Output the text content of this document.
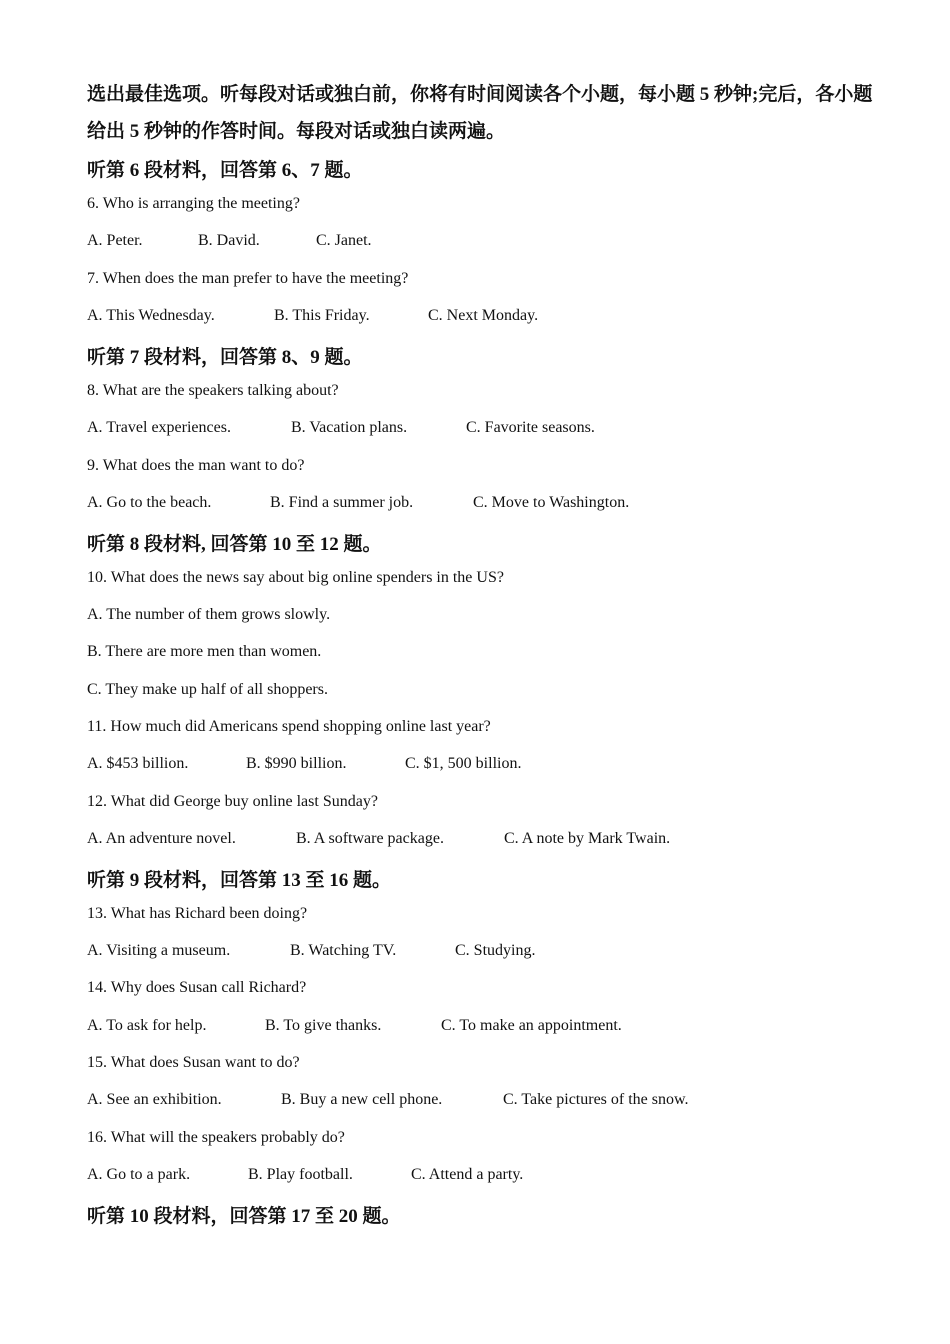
选出最佳选项。听每段对话或独白前，你将有时间阅读各个小题，每小题 5 秒钟;完后，各小题给出 5 秒钟的作答时间。每段对话或独白读两遍。
听第 6 段材料，回答第 6、7 题。
6. Who is arranging the meeting?
A. Peter.	B. David.	C. Janet.
7. When does the man prefer to have the meeting?
A. This Wednesday.	B. This Friday.	C. Next Monday.
听第 7 段材料，回答第 8、9 题。
8. What are the speakers talking about?
A. Travel experiences.	B. Vacation plans.	C. Favorite seasons.
9. What does the man want to do?
A. Go to the beach.	B. Find a summer job.	C. Move to Washington.
听第 8 段材料, 回答第 10 至 12 题。
10. What does the news say about big online spenders in the US?
A. The number of them grows slowly.
B. There are more men than women.
C. They make up half of all shoppers.
11. How much did Americans spend shopping online last year?
A. $453 billion.	B. $990 billion.	C. $1, 500 billion.
12. What did George buy online last Sunday?
A. An adventure novel.	B. A software package.	C. A note by Mark Twain.
听第 9 段材料，回答第 13 至 16 题。
13. What has Richard been doing?
A. Visiting a museum.	B. Watching TV.	C. Studying.
14. Why does Susan call Richard?
A. To ask for help.	B. To give thanks.	C. To make an appointment.
15. What does Susan want to do?
A. See an exhibition.	B. Buy a new cell phone.	C. Take pictures of the snow.
16. What will the speakers probably do?
A. Go to a park.	B. Play football.	C. Attend a party.
听第 10 段材料，回答第 17 至 20 题。
